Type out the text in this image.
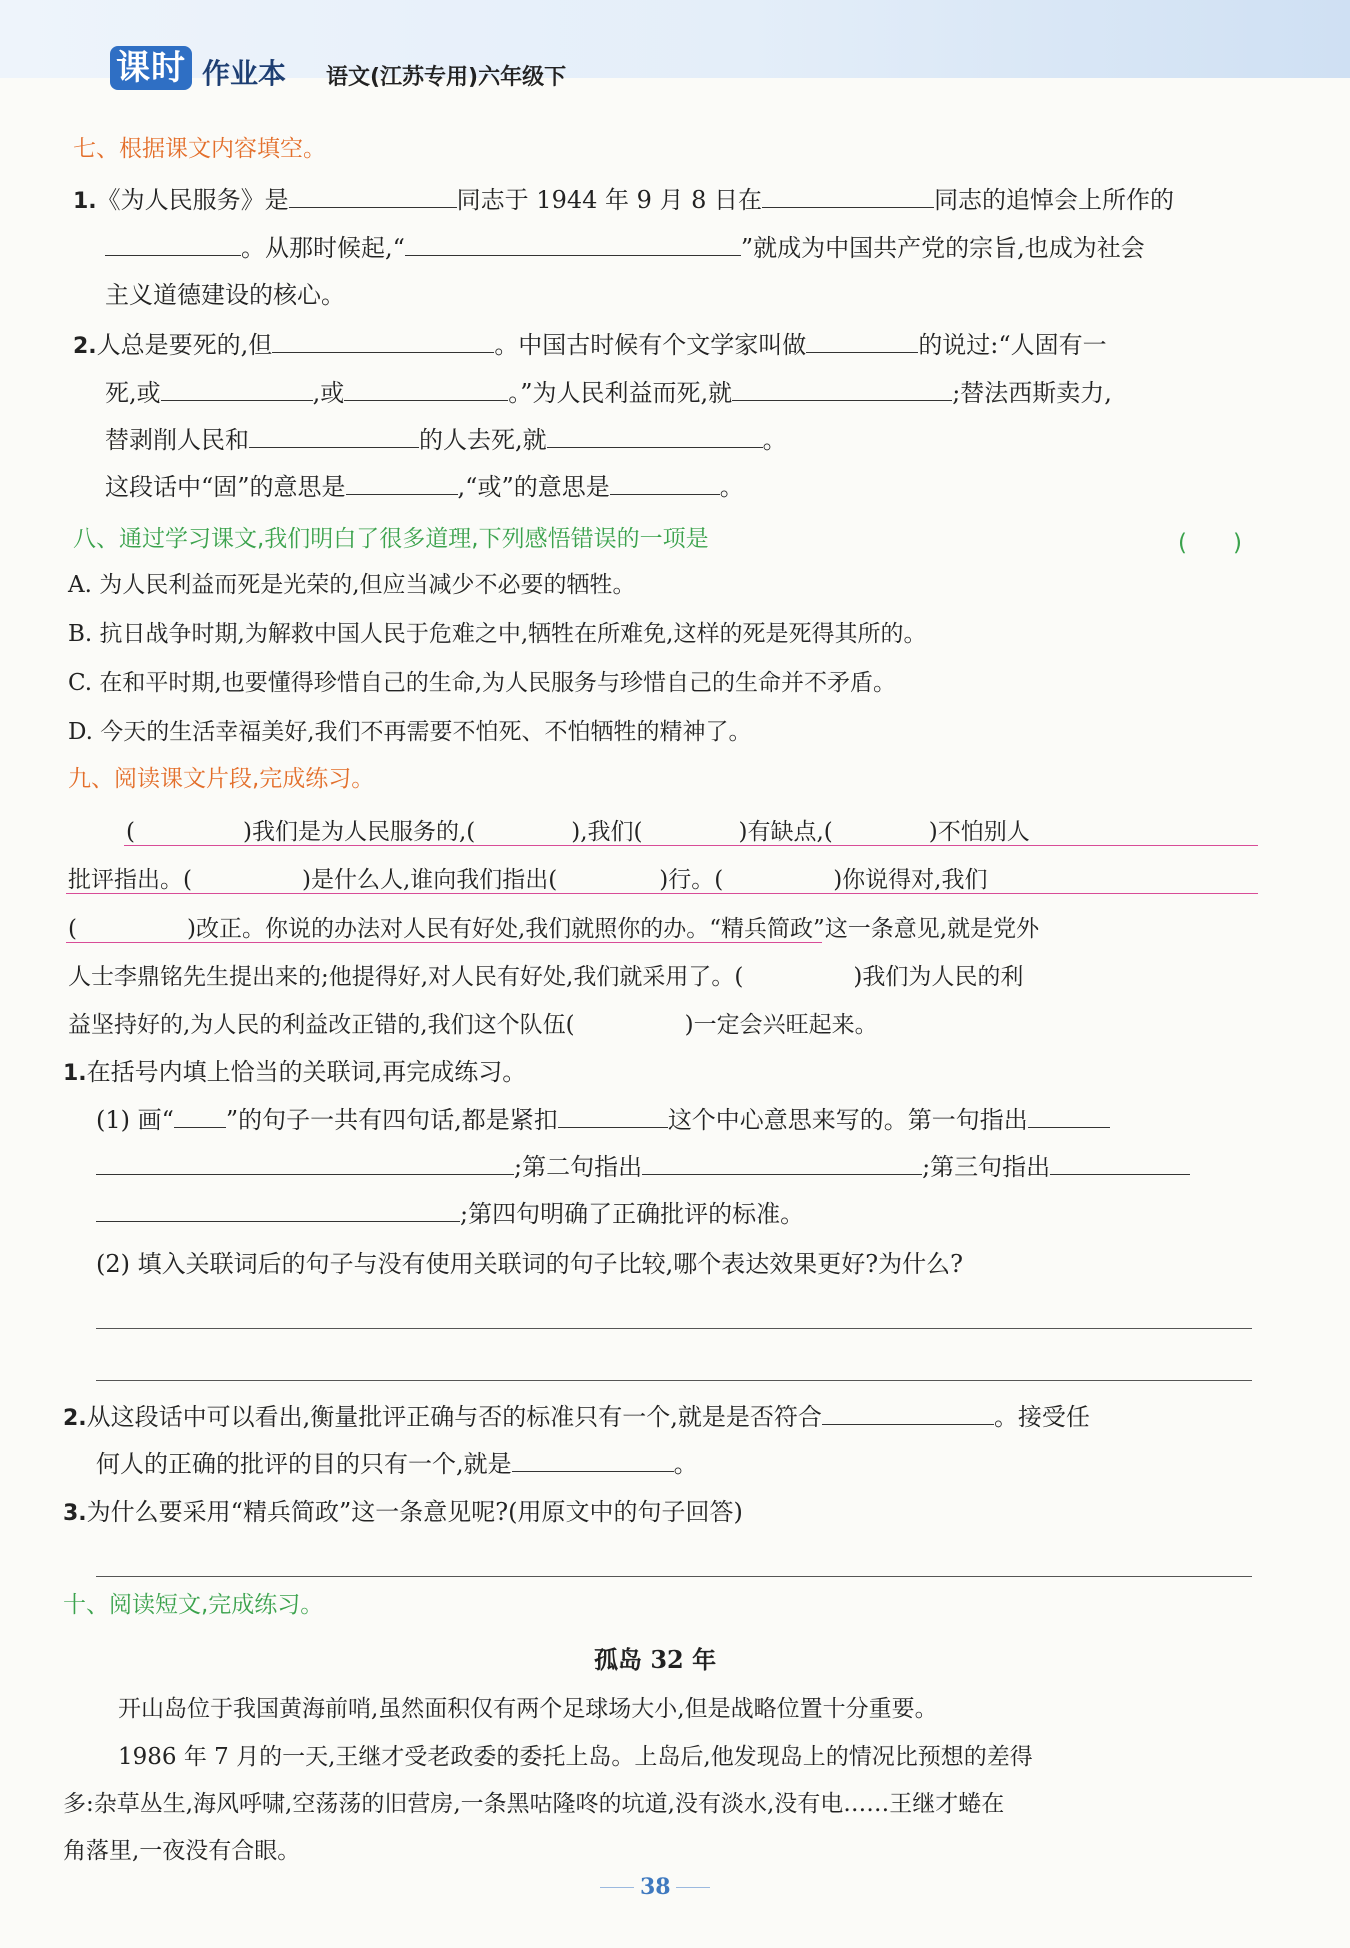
课时 作业本 语文(江苏专用)六年级下
七、根据课文内容填空。
1.《为人民服务》是	同志于 1944 年 9 月 8 日在	同志的追悼会上所作的
。从那时候起,“	”就成为中国共产党的宗旨,也成为社会
主义道德建设的核心。
2.人总是要死的,但	。中国古时候有个文学家叫做	的说过:“人固有一
死,或	,或	。”为人民利益而死,就	;替法西斯卖力,
替剥削人民和	的人去死,就	。
这段话中“固”的意思是	,“或”的意思是	。
八、通过学习课文,我们明白了很多道理,下列感悟错误的一项是	(　　)
A. 为人民利益而死是光荣的,但应当减少不必要的牺牲。
B. 抗日战争时期,为解救中国人民于危难之中,牺牲在所难免,这样的死是死得其所的。
C. 在和平时期,也要懂得珍惜自己的生命,为人民服务与珍惜自己的生命并不矛盾。
D. 今天的生活幸福美好,我们不再需要不怕死、不怕牺牲的精神了。
九、阅读课文片段,完成练习。
(	)我们是为人民服务的,(	),我们(	)有缺点,(	)不怕别人
批评指出。(	)是什么人,谁向我们指出(	)行。(	)你说得对,我们
(	)改正。你说的办法对人民有好处,我们就照你的办。“精兵简政”这一条意见,就是党外
人士李鼎铭先生提出来的;他提得好,对人民有好处,我们就采用了。(	)我们为人民的利
益坚持好的,为人民的利益改正错的,我们这个队伍(	)一定会兴旺起来。
1.在括号内填上恰当的关联词,再完成练习。
(1) 画“ ”的句子一共有四句话,都是紧扣	这个中心意思来写的。第一句指出
;第二句指出	;第三句指出
;第四句明确了正确批评的标准。
(2) 填入关联词后的句子与没有使用关联词的句子比较,哪个表达效果更好?为什么?
2.从这段话中可以看出,衡量批评正确与否的标准只有一个,就是是否符合	。接受任
何人的正确的批评的目的只有一个,就是	。
3.为什么要采用“精兵简政”这一条意见呢?(用原文中的句子回答)
十、阅读短文,完成练习。
孤岛 32 年
开山岛位于我国黄海前哨,虽然面积仅有两个足球场大小,但是战略位置十分重要。
1986 年 7 月的一天,王继才受老政委的委托上岛。上岛后,他发现岛上的情况比预想的差得
多:杂草丛生,海风呼啸,空荡荡的旧营房,一条黑咕隆咚的坑道,没有淡水,没有电……王继才蜷在
角落里,一夜没有合眼。
38
